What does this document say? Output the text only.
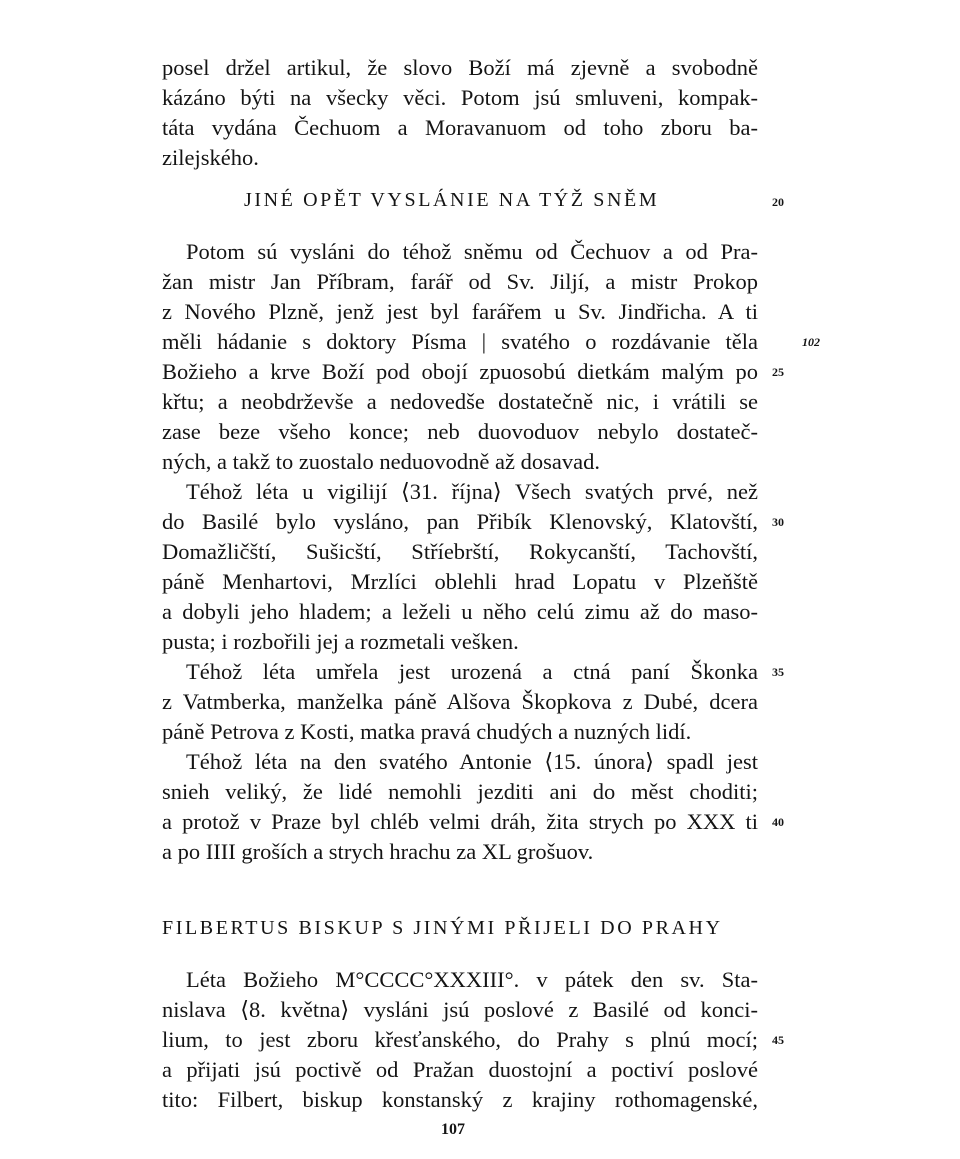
posel držel artikul, že slovo Boží má zjevně a svobodně
kázáno býti na všecky věci. Potom jsú smluveni, kompak-
táta vydána Čechuom a Moravanuom od toho zboru ba-
zilejského.
JINÉ OPĚT VYSLÁNIE NA TÝŽ SNĚM	20
Potom sú vysláni do téhož sněmu od Čechuov a od Pra-
žan mistr Jan Příbram, farář od Sv. Jiljí, a mistr Prokop
z Nového Plzně, jenž jest byl farářem u Sv. Jindřicha. A ti
měli hádanie s doktory Písma | svatého o rozdávanie těla	102
Božieho a krve Boží pod obojí zpuosobú dietkám malým po 25
křtu; a neobdrževše a nedovedše dostatečně nic, i vrátili se
zase beze všeho konce; neb duovoduov nebylo dostateč-
ných, a takž to zuostalo neduovodně až dosavad.
Téhož léta u vigilijí ⟨31. října⟩ Všech svatých prvé, než
do Basilé bylo vysláno, pan Přibík Klenovský, Klatovští, 30
Domažličští, Sušicští, Stříebrští, Rokycanští, Tachovští,
páně Menhartovi, Mrzlíci oblehli hrad Lopatu v Plzeňště
a dobyli jeho hladem; a leželi u něho celú zimu až do maso-
pusta; i rozbořili jej a rozmetali vešken.
Téhož léta umřela jest urozená a ctná paní Škonka 35
z Vatmberka, manželka páně Alšova Škopkova z Dubé, dcera
páně Petrova z Kosti, matka pravá chudých a nuzných lidí.
Téhož léta na den svatého Antonie ⟨15. února⟩ spadl jest
snieh veliký, že lidé nemohli jezditi ani do měst choditi;
a protož v Praze byl chléb velmi dráh, žita strych po XXX ti 40
a po IIII groších a strych hrachu za XL grošuov.
FILBERTUS BISKUP S JINÝMI PŘIJELI DO PRAHY
Léta Božieho M°CCCC°XXXIII°. v pátek den sv. Sta-
nislava ⟨8. května⟩ vysláni jsú poslové z Basilé od konci-
lium, to jest zboru křesťanského, do Prahy s plnú mocí; 45
a přijati jsú poctivě od Pražan duostojní a poctiví poslové
tito: Filbert, biskup konstanský z krajiny rothomagenské,
107
